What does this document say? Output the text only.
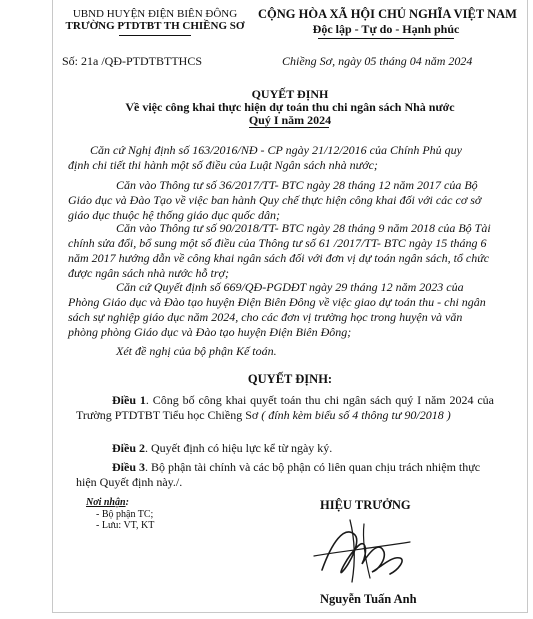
UBND HUYỆN ĐIỆN BIÊN ĐÔNG
TRƯỜNG PTDTBT TH CHIỀNG SƠ
CỘNG HÒA XÃ HỘI CHỦ NGHĨA VIỆT NAM
Độc lập - Tự do - Hạnh phúc
Số: 21a /QĐ-PTDTBTTHCS	Chiềng Sơ, ngày 05 tháng 04 năm 2024
QUYẾT ĐỊNH
Về việc công khai thực hiện dự toán thu chi ngân sách Nhà nước
Quý I năm 2024
Căn cứ Nghị định số 163/2016/NĐ - CP ngày 21/12/2016 của Chính Phủ quy định chi tiết thi hành một số điều của Luật Ngân sách nhà nước;
Căn vào Thông tư số 36/2017/TT- BTC ngày 28 tháng 12 năm 2017 của Bộ Giáo dục và Đào Tạo về việc ban hành Quy chế thực hiện công khai đối với các cơ sở giáo dục thuộc hệ thống giáo dục quốc dân;
Căn vào Thông tư số 90/2018/TT- BTC ngày 28 tháng 9 năm 2018 của Bộ Tài chính sửa đổi, bổ sung một số điều của Thông tư số 61 /2017/TT- BTC ngày 15 tháng 6 năm 2017 hướng dẫn về công khai ngân sách đối với đơn vị dự toán ngân sách, tổ chức được ngân sách nhà nước hỗ trợ;
Căn cứ Quyết định số 669/QĐ-PGDĐT ngày 29 tháng 12 năm 2023 của Phòng Giáo dục và Đào tạo huyện Điện Biên Đông về việc giao dự toán thu - chi ngân sách sự nghiệp giáo dục năm 2024, cho các đơn vị trường học trong huyện và văn phòng phòng Giáo dục và Đào tạo huyện Điện Biên Đông;
Xét đề nghị của bộ phận Kế toán.
QUYẾT ĐỊNH:
Điều 1. Công bố công khai quyết toán thu chi ngân sách quý I năm 2024 của Trường PTDTBT Tiểu học Chiềng Sơ ( đính kèm biểu số 4 thông tư 90/2018 )
Điều 2. Quyết định có hiệu lực kể từ ngày ký.
Điều 3. Bộ phận tài chính và các bộ phận có liên quan chịu trách nhiệm thực hiện Quyết định này./.
Nơi nhận:
- Bộ phận TC;
- Lưu: VT, KT
HIỆU TRƯỞNG
Nguyễn Tuấn Anh
